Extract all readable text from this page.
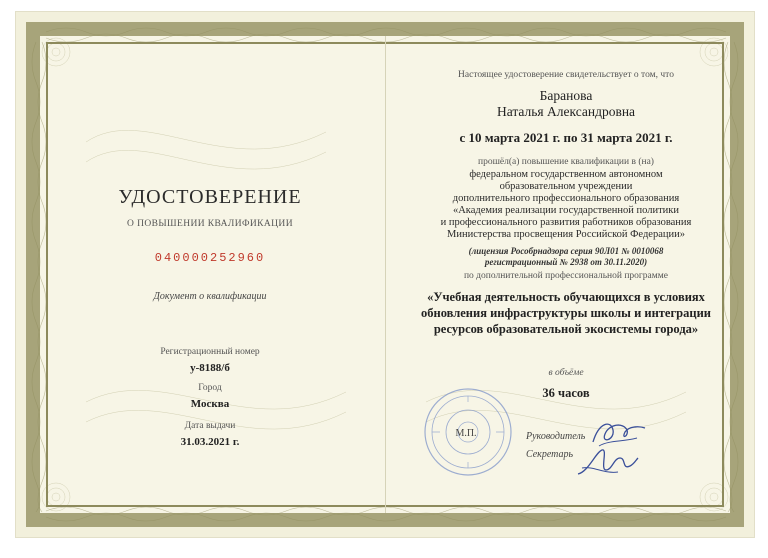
УДОСТОВЕРЕНИЕ
О ПОВЫШЕНИИ КВАЛИФИКАЦИИ
040000252960
Документ о квалификации
Регистрационный номер
у-8188/б
Город
Москва
Дата выдачи
31.03.2021 г.
Настоящее удостоверение свидетельствует о том, что
Баранова
Наталья Александровна
с 10 марта 2021 г. по 31 марта 2021 г.
прошёл(а) повышение квалификации в (на)
федеральном государственном автономном
образовательном учреждении
дополнительного профессионального образования
«Академия реализации государственной политики
и профессионального развития работников образования
Министерства просвещения Российской Федерации»
(лицензия Рособрнадзора серия 90Л01 № 0010068
регистрационный № 2938 от 30.11.2020)
по дополнительной профессиональной программе
«Учебная деятельность обучающихся в условиях
обновления инфраструктуры школы и интеграции
ресурсов образовательной экосистемы города»
в объёме
36 часов
М.П.	Руководитель
Секретарь
